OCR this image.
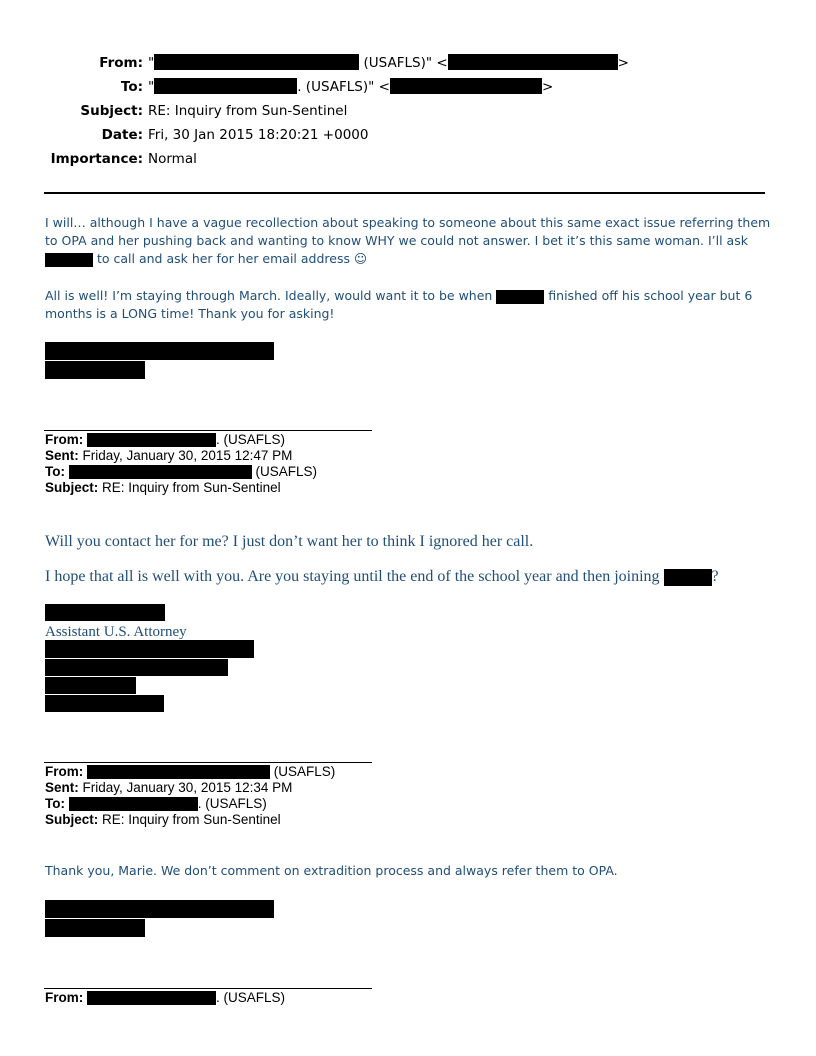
From: "	(USAFLS)" <	>
To: "	. (USAFLS)" <	>
Subject: RE: Inquiry from Sun-Sentinel
Date: Fri, 30 Jan 2015 18:20:21 +0000
Importance: Normal
I will… although I have a vague recollection about speaking to someone about this same exact issue referring them to OPA and her pushing back and wanting to know WHY we could not answer. I bet it’s this same woman. I’ll ask  to call and ask her for her email address ☺
All is well! I’m staying through March. Ideally, would want it to be when	finished off his school year but 6 months is a LONG time! Thank you for asking!
From:	. (USAFLS)
Sent: Friday, January 30, 2015 12:47 PM
To:	(USAFLS)
Subject: RE: Inquiry from Sun-Sentinel
Will you contact her for me? I just don’t want her to think I ignored her call.
I hope that all is well with you. Are you staying until the end of the school year and then joining	?
Assistant U.S. Attorney
From:	(USAFLS)
Sent: Friday, January 30, 2015 12:34 PM
To:	. (USAFLS)
Subject: RE: Inquiry from Sun-Sentinel
Thank you, Marie. We don’t comment on extradition process and always refer them to OPA.
From:	. (USAFLS)
